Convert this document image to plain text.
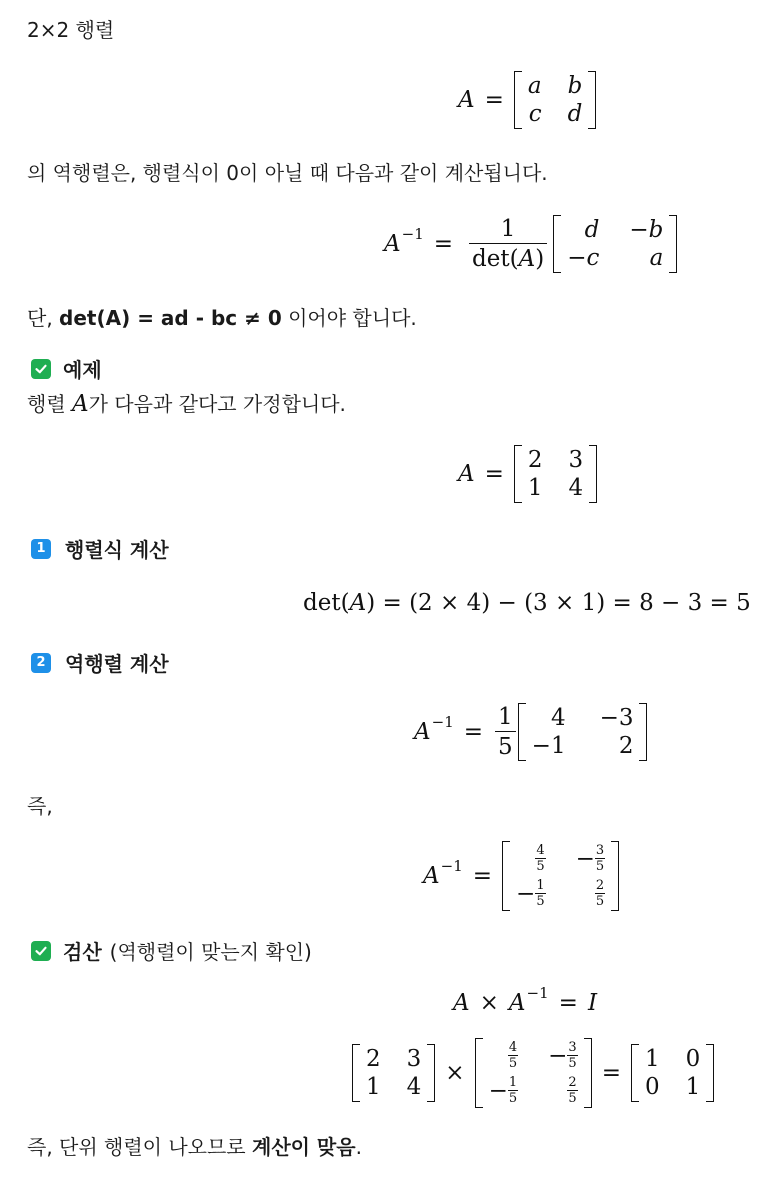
2×2 행렬
A =
a b
c d
의 역행렬은, 행렬식이 0이 아닐 때 다음과 같이 계산됩니다.
$A -1 = \frac{1}{\det(A)}$ d −b
−c a
단, det(A) = ad - bc ≠ 0 이어야 합니다.
예제
행렬 A가 다음과 같다고 가정합니다.
A =
2 3
1 4
1 행렬식 계산
det( A ) = (2 × 4) − (3 × 1) = 8 − 3 = 5
2 역행렬 계산
$A -1 = \frac{1}{5} 4 -3$
−1 2
즉,
A −1 =
4
$5 - \frac{3}{5}$
− $\frac{1}{5}$	2
5
검산 (역행렬이 맞는지 확인)
A × A −1 = I
2 3
1 4
×
4
$5 - \frac{3}{5}$
− $\frac{1}{5}$	2
5
=
1 0
0 1
즉, 단위 행렬이 나오므로 계산이 맞음.
